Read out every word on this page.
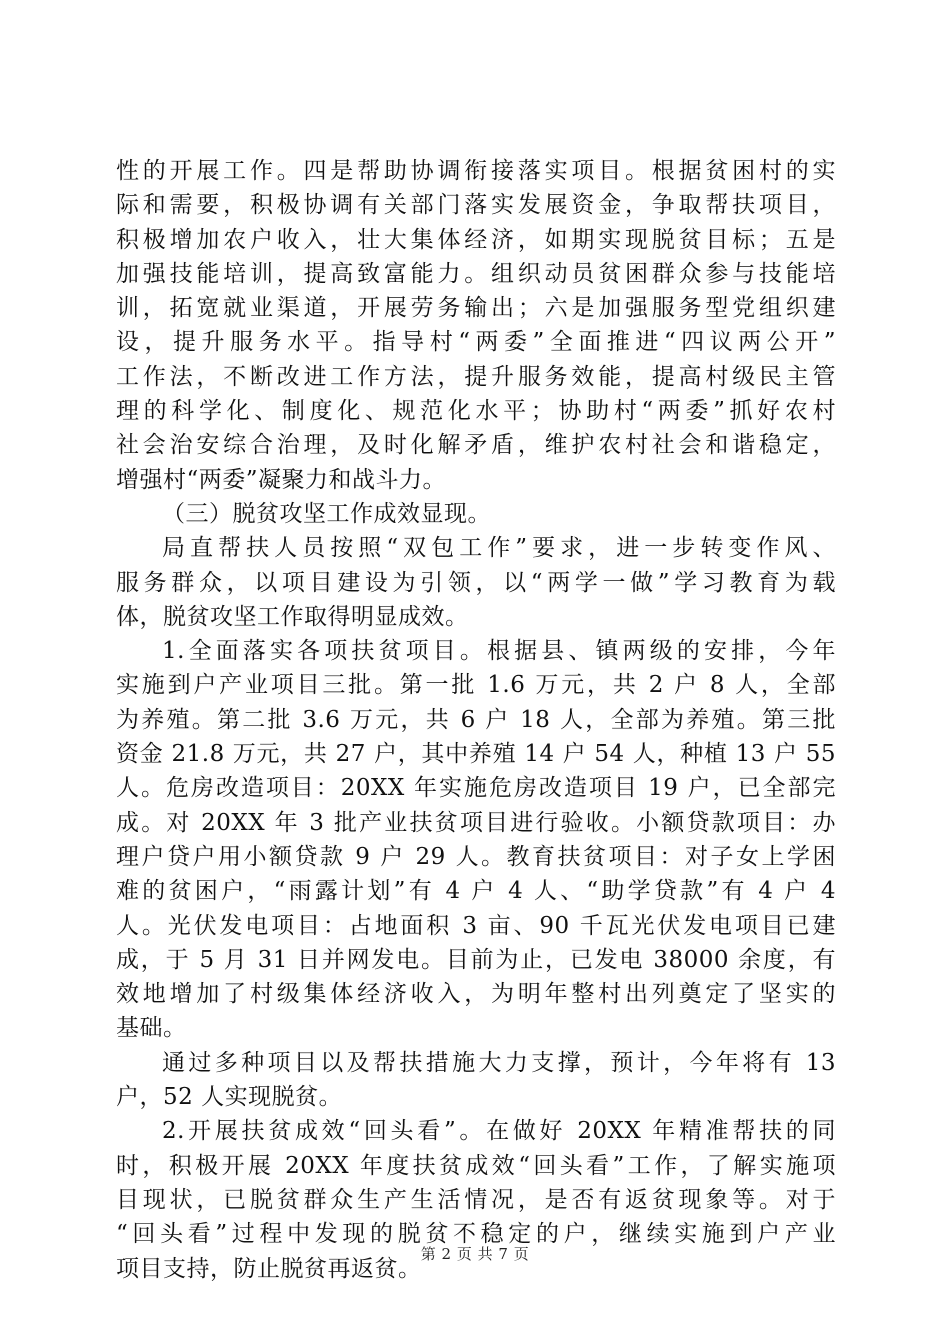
性的开展工作。四是帮助协调衔接落实项目。根据贫困村的实
际和需要，积极协调有关部门落实发展资金，争取帮扶项目，
积极增加农户收入，壮大集体经济，如期实现脱贫目标；五是
加强技能培训，提高致富能力。组织动员贫困群众参与技能培
训，拓宽就业渠道，开展劳务输出；六是加强服务型党组织建
设，提升服务水平。指导村“两委”全面推进“四议两公开”
工作法，不断改进工作方法，提升服务效能，提高村级民主管
理的科学化、制度化、规范化水平；协助村“两委”抓好农村
社会治安综合治理，及时化解矛盾，维护农村社会和谐稳定，
增强村“两委”凝聚力和战斗力。
（三）脱贫攻坚工作成效显现。
局直帮扶人员按照“双包工作”要求，进一步转变作风、
服务群众，以项目建设为引领，以“两学一做”学习教育为载
体，脱贫攻坚工作取得明显成效。
1.全面落实各项扶贫项目。根据县、镇两级的安排，今年
实施到户产业项目三批。第一批 1.6 万元，共 2 户 8 人，全部
为养殖。第二批 3.6 万元，共 6 户 18 人，全部为养殖。第三批
资金 21.8 万元，共 27 户，其中养殖 14 户 54 人，种植 13 户 55
人。危房改造项目：20XX 年实施危房改造项目 19 户，已全部完
成。对 20XX 年 3 批产业扶贫项目进行验收。小额贷款项目：办
理户贷户用小额贷款 9 户 29 人。教育扶贫项目：对子女上学困
难的贫困户，“雨露计划”有 4 户 4 人、“助学贷款”有 4 户 4
人。光伏发电项目：占地面积 3 亩、90 千瓦光伏发电项目已建
成，于 5 月 31 日并网发电。目前为止，已发电 38000 余度，有
效地增加了村级集体经济收入，为明年整村出列奠定了坚实的
基础。
通过多种项目以及帮扶措施大力支撑，预计，今年将有 13
户，52 人实现脱贫。
2.开展扶贫成效“回头看”。在做好 20XX 年精准帮扶的同
时，积极开展 20XX 年度扶贫成效“回头看”工作，了解实施项
目现状，已脱贫群众生产生活情况，是否有返贫现象等。对于
“回头看”过程中发现的脱贫不稳定的户，继续实施到户产业
项目支持，防止脱贫再返贫。
第 2 页 共 7 页
